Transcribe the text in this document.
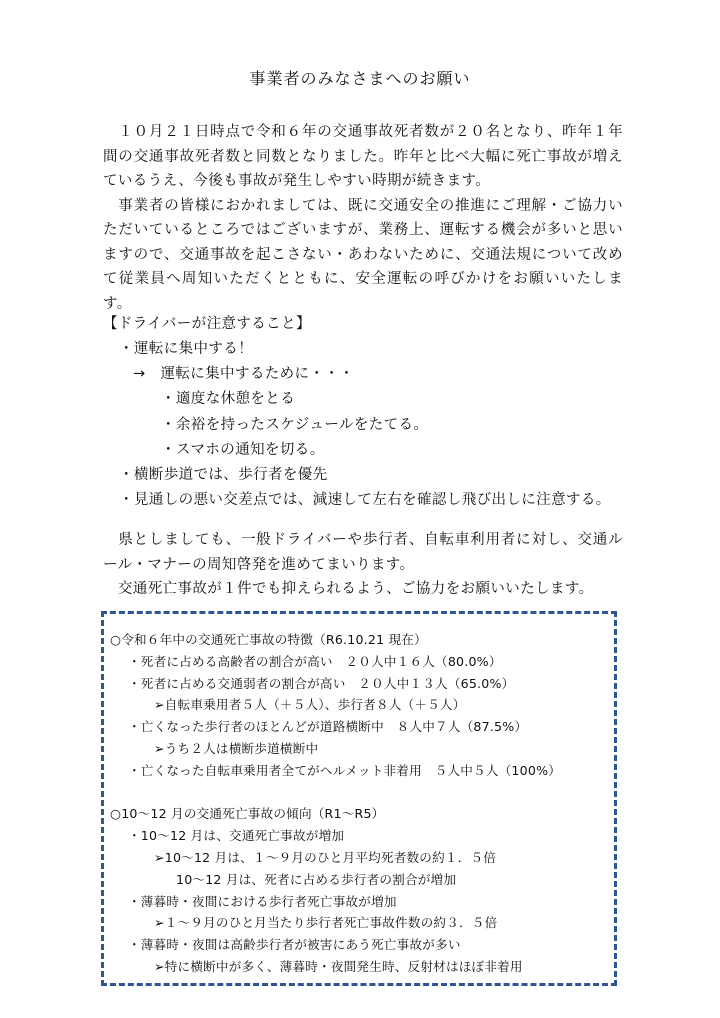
事業者のみなさまへのお願い
　１０月２１日時点で令和６年の交通事故死者数が２０名となり、昨年１年間の交通事故死者数と同数となりました。昨年と比べ大幅に死亡事故が増えているうえ、今後も事故が発生しやすい時期が続きます。
　事業者の皆様におかれましては、既に交通安全の推進にご理解・ご協力いただいているところではございますが、業務上、運転する機会が多いと思いますので、交通事故を起こさない・あわないために、交通法規について改めて従業員へ周知いただくとともに、安全運転の呼びかけをお願いいたします。
【ドライバーが注意すること】
・運転に集中する！
→　運転に集中するために・・・
・適度な休憩をとる
・余裕を持ったスケジュールをたてる。
・スマホの通知を切る。
・横断歩道では、歩行者を優先
・見通しの悪い交差点では、減速して左右を確認し飛び出しに注意する。
　県としましても、一般ドライバーや歩行者、自転車利用者に対し、交通ルール・マナーの周知啓発を進めてまいります。
　交通死亡事故が１件でも抑えられるよう、ご協力をお願いいたします。
○令和６年中の交通死亡事故の特徴（R6.10.21 現在）
・死者に占める高齢者の割合が高い　２０人中１６人（80.0%）
・死者に占める交通弱者の割合が高い　２０人中１３人（65.0%）
➢自転車乗用者５人（＋５人）、歩行者８人（＋５人）
・亡くなった歩行者のほとんどが道路横断中　８人中７人（87.5%）
➢うち２人は横断歩道横断中
・亡くなった自転車乗用者全てがヘルメット非着用　５人中５人（100%）
○10～12 月の交通死亡事故の傾向（R1～R5）
・10～12 月は、交通死亡事故が増加
➢10～12 月は、１～９月のひと月平均死者数の約１．５倍
10～12 月は、死者に占める歩行者の割合が増加
・薄暮時・夜間における歩行者死亡事故が増加
➢１～９月のひと月当たり歩行者死亡事故件数の約３．５倍
・薄暮時・夜間は高齢歩行者が被害にあう死亡事故が多い
➢特に横断中が多く、薄暮時・夜間発生時、反射材はほぼ非着用
